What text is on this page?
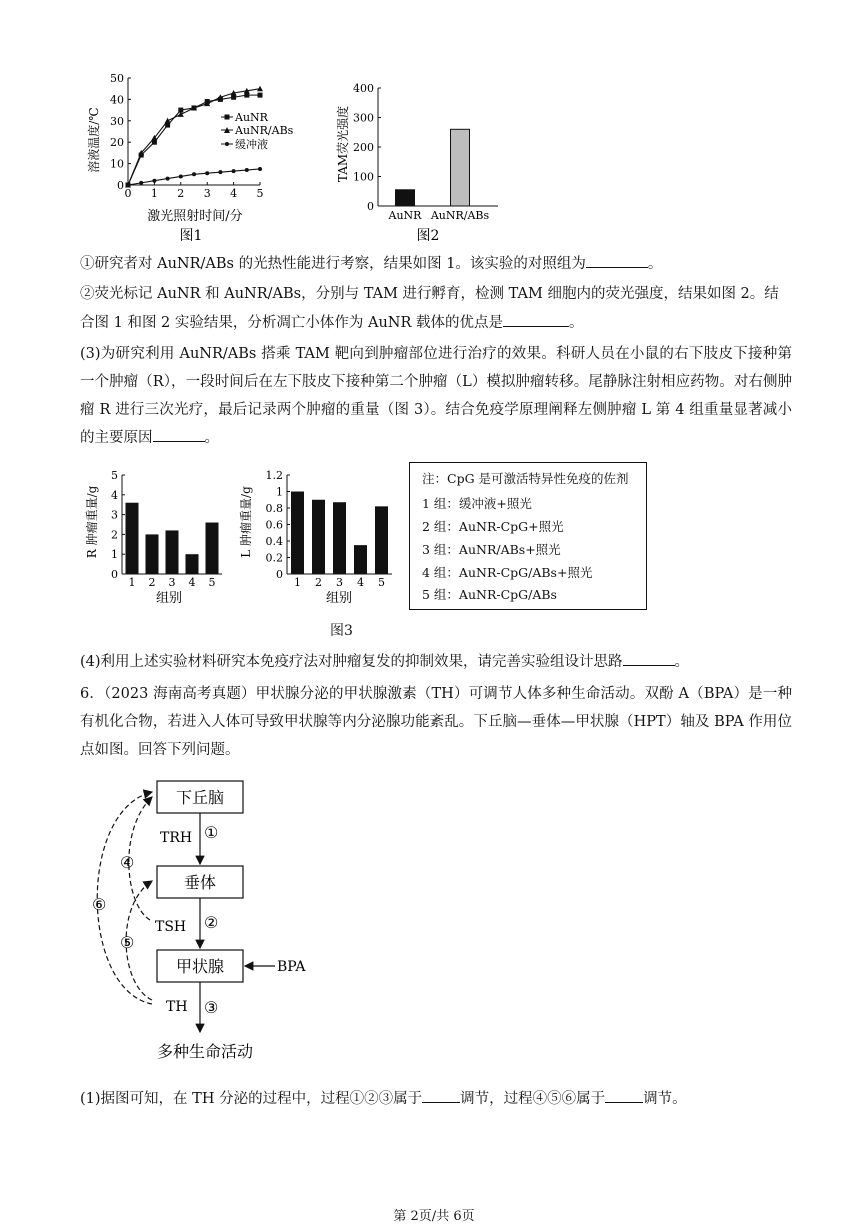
0 1 2 3 4 5
0
10
20
30
40
50
溶液温度/℃
激光照射时间/分
图1
AuNR
AuNR/ABs
缓冲液
0
100
200
300
400
AuNR AuNR/ABs
TAM荧光强度
图2
①研究者对 AuNR/ABs 的光热性能进行考察，结果如图 1。该实验的对照组为	。
②荧光标记 AuNR 和 AuNR/ABs，分别与 TAM 进行孵育，检测 TAM 细胞内的荧光强度，结果如图 2。结
合图 1 和图 2 实验结果，分析凋亡小体作为 AuNR 载体的优点是	。
(3)为研究利用 AuNR/ABs 搭乘 TAM 靶向到肿瘤部位进行治疗的效果。科研人员在小鼠的右下肢皮下接种第一个肿瘤（R），一段时间后在左下肢皮下接种第二个肿瘤（L）模拟肿瘤转移。尾静脉注射相应药物。对右侧肿瘤 R 进行三次光疗，最后记录两个肿瘤的重量（图 3）。结合免疫学原理阐释左侧肿瘤 L 第 4 组重量显著减小的主要原因	。
0
1
2
3
4
5
1 2 3 4 5
R 肿瘤重量/g
组别
0
0.2
0.4
0.6
0.8
1
1.2
1 2 3 4 5
L 肿瘤重量/g
组别
注：CpG 是可激活特异性免疫的佐剂
1 组：缓冲液+照光
2 组：AuNR-CpG+照光
3 组：AuNR/ABs+照光
4 组：AuNR-CpG/ABs+照光
5 组：AuNR-CpG/ABs
图3
(4)利用上述实验材料研究本免疫疗法对肿瘤复发的抑制效果，请完善实验组设计思路	。
6．（2023 海南高考真题）甲状腺分泌的甲状腺激素（TH）可调节人体多种生命活动。双酚 A（BPA）是一种有机化合物，若进入人体可导致甲状腺等内分泌腺功能紊乱。下丘脑—垂体—甲状腺（HPT）轴及 BPA 作用位点如图。回答下列问题。
下丘脑
垂体
甲状腺
TRH ①
TSH ②
TH ③
BPA
④
⑤
⑥
多种生命活动
(1)据图可知，在 TH 分泌的过程中，过程①②③属于	调节，过程④⑤⑥属于	调节。
第 2页/共 6页
